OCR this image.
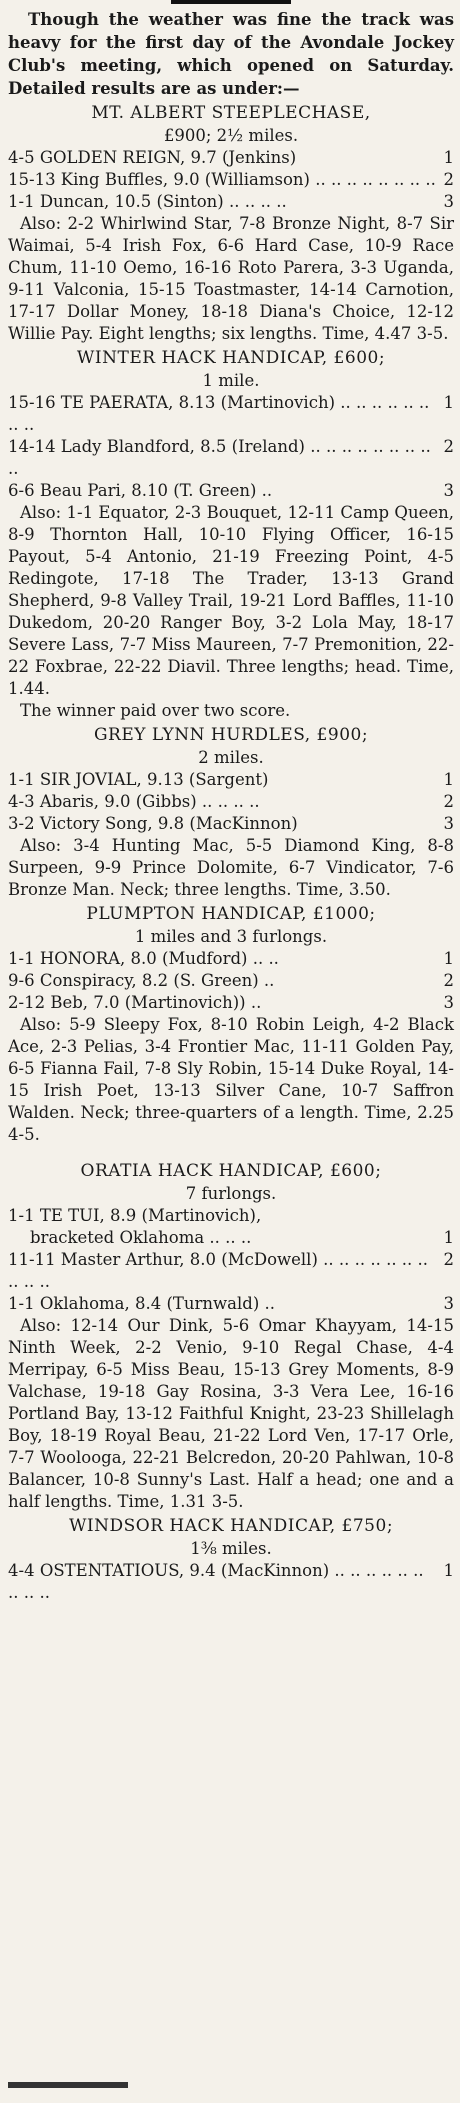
Though the weather was fine the track was heavy for the first day of the Avondale Jockey Club's meeting, which opened on Saturday. Detailed results are as under:—

MT. ALBERT STEEPLECHASE,

£900; 2½ miles.

4-5 GOLDEN REIGN, 9.7 (Jenkins)	1
15-13 King Buffles, 9.0 (Williamson) .. .. .. .. .. .. .. .. 2
1-1 Duncan, 10.5 (Sinton) .. .. .. ..	3

Also: 2-2 Whirlwind Star, 7-8 Bronze Night, 8-7 Sir Waimai, 5-4 Irish Fox, 6-6 Hard Case, 10-9 Race Chum, 11-10 Oemo, 16-16 Roto Parera, 3-3 Uganda, 9-11 Valconia, 15-15 Toastmaster, 14-14 Carnotion, 17-17 Dollar Money, 18-18 Diana's Choice, 12-12 Willie Pay. Eight lengths; six lengths. Time, 4.47 3-5.

WINTER HACK HANDICAP, £600;

1 mile.

15-16 TE PAERATA, 8.13 (Martinovich) .. .. .. .. .. .. .. ..
1
14-14 Lady Blandford, 8.5 (Ireland) .. .. .. .. .. .. .. .. ..
2
6-6 Beau Pari, 8.10 (T. Green) ..	3

Also: 1-1 Equator, 2-3 Bouquet, 12-11 Camp Queen, 8-9 Thornton Hall, 10-10 Flying Officer, 16-15 Payout, 5-4 Antonio, 21-19 Freezing Point, 4-5 Redingote, 17-18 The Trader, 13-13 Grand Shepherd, 9-8 Valley Trail, 19-21 Lord Baffles, 11-10 Dukedom, 20-20 Ranger Boy, 3-2 Lola May, 18-17 Severe Lass, 7-7 Miss Maureen, 7-7 Premonition, 22-22 Foxbrae, 22-22 Diavil. Three lengths; head. Time, 1.44.

The winner paid over two score.

GREY LYNN HURDLES, £900;

2 miles.

1-1 SIR JOVIAL, 9.13 (Sargent)	1
4-3 Abaris, 9.0 (Gibbs) .. .. .. ..	2
3-2 Victory Song, 9.8 (MacKinnon)	3

Also: 3-4 Hunting Mac, 5-5 Diamond King, 8-8 Surpeen, 9-9 Prince Dolomite, 6-7 Vindicator, 7-6 Bronze Man. Neck; three lengths. Time, 3.50.

PLUMPTON HANDICAP, £1000;

1 miles and 3 furlongs.

1-1 HONORA, 8.0 (Mudford) .. ..	1
9-6 Conspiracy, 8.2 (S. Green) ..	2
2-12 Beb, 7.0 (Martinovich)) ..	3

Also: 5-9 Sleepy Fox, 8-10 Robin Leigh, 4-2 Black Ace, 2-3 Pelias, 3-4 Frontier Mac, 11-11 Golden Pay, 6-5 Fianna Fail, 7-8 Sly Robin, 15-14 Duke Royal, 14-15 Irish Poet, 13-13 Silver Cane, 10-7 Saffron Walden. Neck; three-quarters of a length. Time, 2.25 4-5.

ORATIA HACK HANDICAP, £600;

7 furlongs.

1-1 TE TUI, 8.9 (Martinovich),
bracketed Oklahoma .. .. ..	1
11-11 Master Arthur, 8.0 (McDowell) .. .. .. .. .. .. .. .. .. ..
2
1-1 Oklahoma, 8.4 (Turnwald) ..	3

Also: 12-14 Our Dink, 5-6 Omar Khayyam, 14-15 Ninth Week, 2-2 Venio, 9-10 Regal Chase, 4-4 Merripay, 6-5 Miss Beau, 15-13 Grey Moments, 8-9 Valchase, 19-18 Gay Rosina, 3-3 Vera Lee, 16-16 Portland Bay, 13-12 Faithful Knight, 23-23 Shillelagh Boy, 18-19 Royal Beau, 21-22 Lord Ven, 17-17 Orle, 7-7 Woolooga, 22-21 Belcredon, 20-20 Pahlwan, 10-8 Balancer, 10-8 Sunny's Last. Half a head; one and a half lengths. Time, 1.31 3-5.

WINDSOR HACK HANDICAP, £750;

1⅜ miles.

4-4 OSTENTATIOUS, 9.4 (MacKinnon) .. .. .. .. .. .. .. .. ..
1
